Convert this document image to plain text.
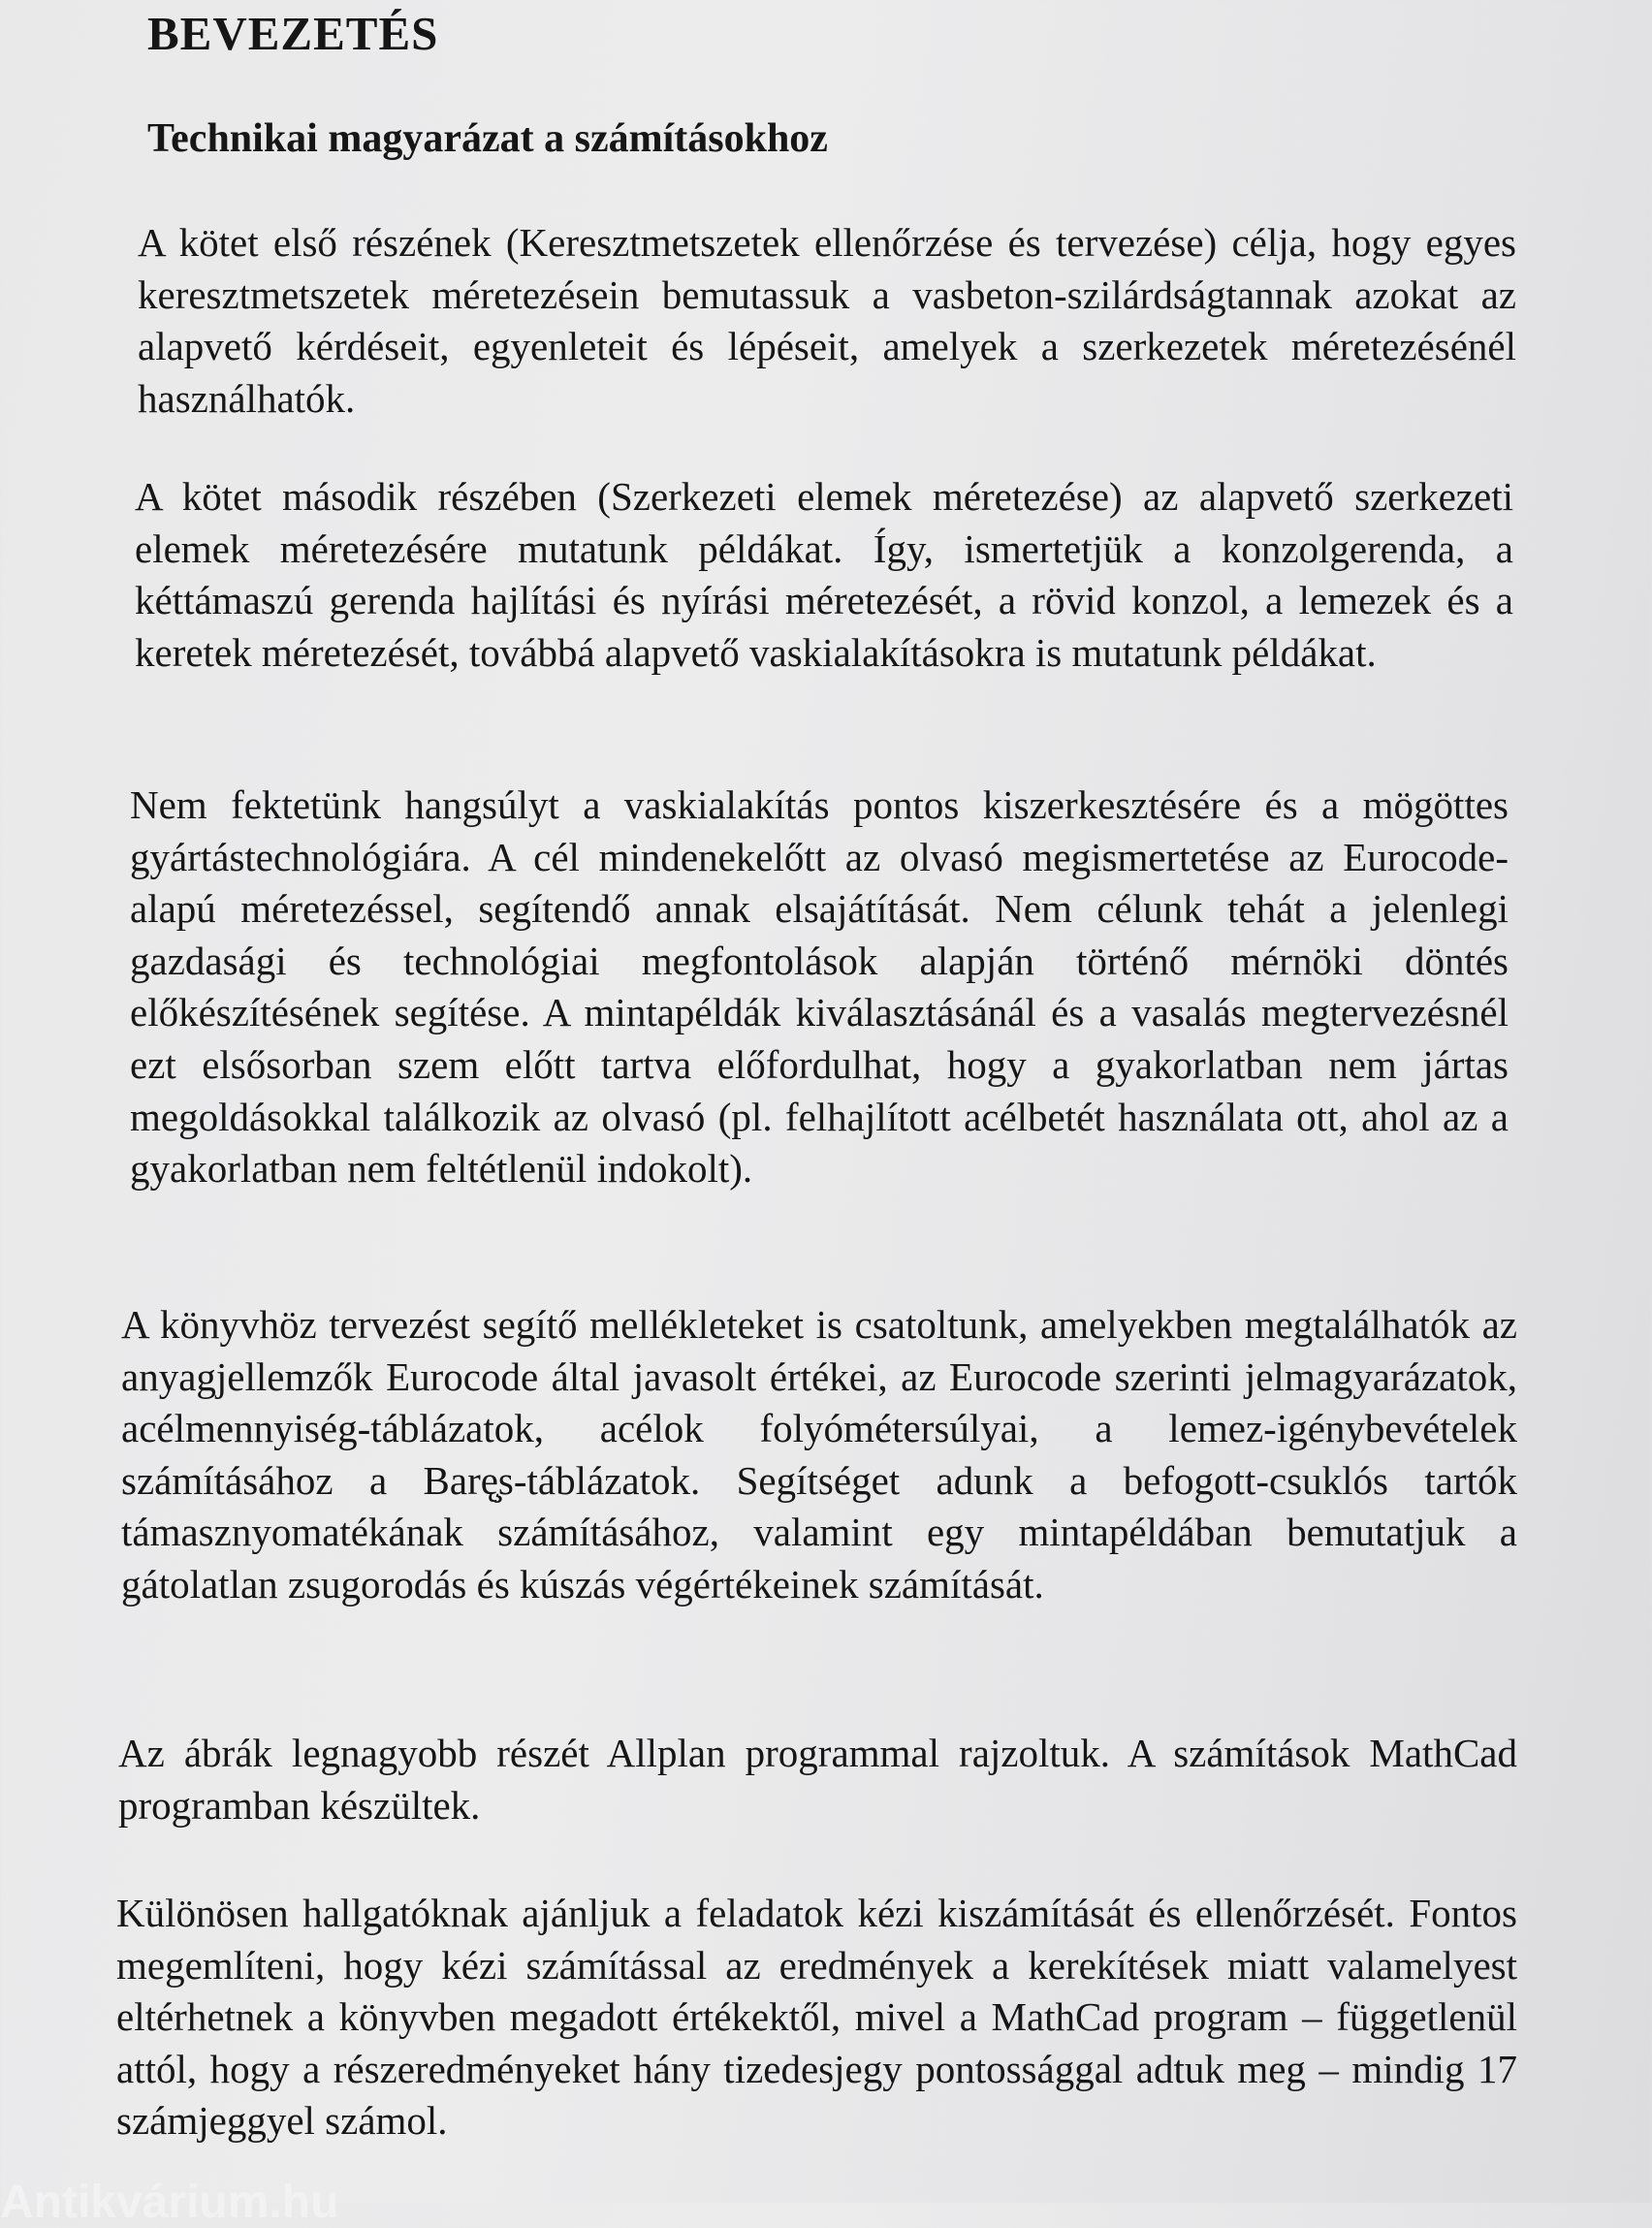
BEVEZETÉS
Technikai magyarázat a számításokhoz

A kötet első részének (Keresztmetszetek ellenőrzése és tervezése) célja, hogy egyes keresztmetszetek méretezésein bemutassuk a vasbeton-szilárdságtannak azokat az alapvető kérdéseit, egyenleteit és lépéseit, amelyek a szerkezetek méretezésénél használhatók.

A kötet második részében (Szerkezeti elemek méretezése) az alapvető szerkezeti elemek méretezésére mutatunk példákat. Így, ismertetjük a konzolgerenda, a kéttámaszú gerenda hajlítási és nyírási méretezését, a rövid konzol, a lemezek és a keretek méretezését, továbbá alapvető vaskialakításokra is mutatunk példákat.

Nem fektetünk hangsúlyt a vaskialakítás pontos kiszerkesztésére és a mögöttes gyártástechnológiára. A cél mindenekelőtt az olvasó megismertetése az Eurocode-alapú méretezéssel, segítendő annak elsajátítását. Nem célunk tehát a jelenlegi gazdasági és technológiai megfontolások alapján történő mérnöki döntés előkészítésének segítése. A mintapéldák kiválasztásánál és a vasalás megtervezésnél ezt elsősorban szem előtt tartva előfordulhat, hogy a gyakorlatban nem jártas megoldásokkal találkozik az olvasó (pl. felhajlított acélbetét használata ott, ahol az a gyakorlatban nem feltétlenül indokolt).

A könyvhöz tervezést segítő mellékleteket is csatoltunk, amelyekben megtalálhatók az anyagjellemzők Eurocode által javasolt értékei, az Eurocode szerinti jelmagyarázatok, acélmennyiség-táblázatok, acélok folyómétersúlyai, a lemez-igénybevételek számításához a Barę̧s-táblázatok. Segítséget adunk a befogott-csuklós tartók támasznyomatékának számításához, valamint egy mintapéldában bemutatjuk a gátolatlan zsugorodás és kúszás végértékeinek számítását.

Az ábrák legnagyobb részét Allplan programmal rajzoltuk. A számítások MathCad programban készültek.

Különösen hallgatóknak ajánljuk a feladatok kézi kiszámítását és ellenőrzését. Fontos megemlíteni, hogy kézi számítással az eredmények a kerekítések miatt valamelyest eltérhetnek a könyvben megadott értékektől, mivel a MathCad program – függetlenül attól, hogy a részeredményeket hány tizedesjegy pontossággal adtuk meg – mindig 17 számjeggyel számol.

Antikvárium.hu
